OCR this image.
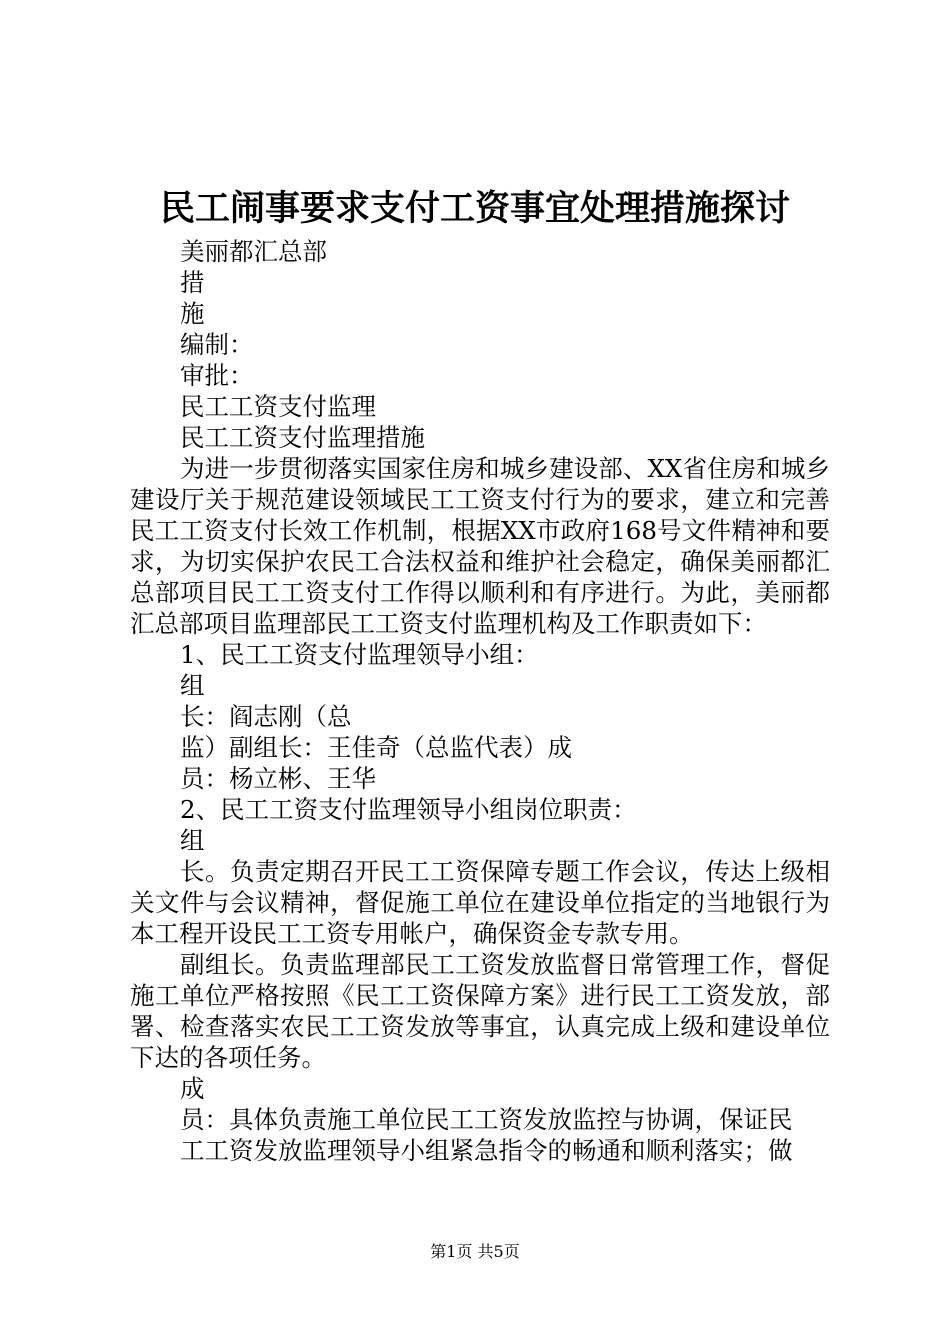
民工闹事要求支付工资事宜处理措施探讨
美丽都汇总部
措
施
编制：
审批：
民工工资支付监理
民工工资支付监理措施
为进一步贯彻落实国家住房和城乡建设部、XX省住房和城乡建设厅关于规范建设领域民工工资支付行为的要求，建立和完善民工工资支付长效工作机制，根据XX市政府168号文件精神和要求，为切实保护农民工合法权益和维护社会稳定，确保美丽都汇总部项目民工工资支付工作得以顺利和有序进行。为此，美丽都汇总部项目监理部民工工资支付监理机构及工作职责如下：
1、民工工资支付监理领导小组：
组
长：阎志刚（总
监）副组长：王佳奇（总监代表）成
员：杨立彬、王华
2、民工工资支付监理领导小组岗位职责：
组
长。负责定期召开民工工资保障专题工作会议，传达上级相关文件与会议精神，督促施工单位在建设单位指定的当地银行为本工程开设民工工资专用帐户，确保资金专款专用。
副组长。负责监理部民工工资发放监督日常管理工作，督促施工单位严格按照《民工工资保障方案》进行民工工资发放，部署、检查落实农民工工资发放等事宜，认真完成上级和建设单位下达的各项任务。
成
员：具体负责施工单位民工工资发放监控与协调，保证民
工工资发放监理领导小组紧急指令的畅通和顺利落实；做
第1页 共5页
